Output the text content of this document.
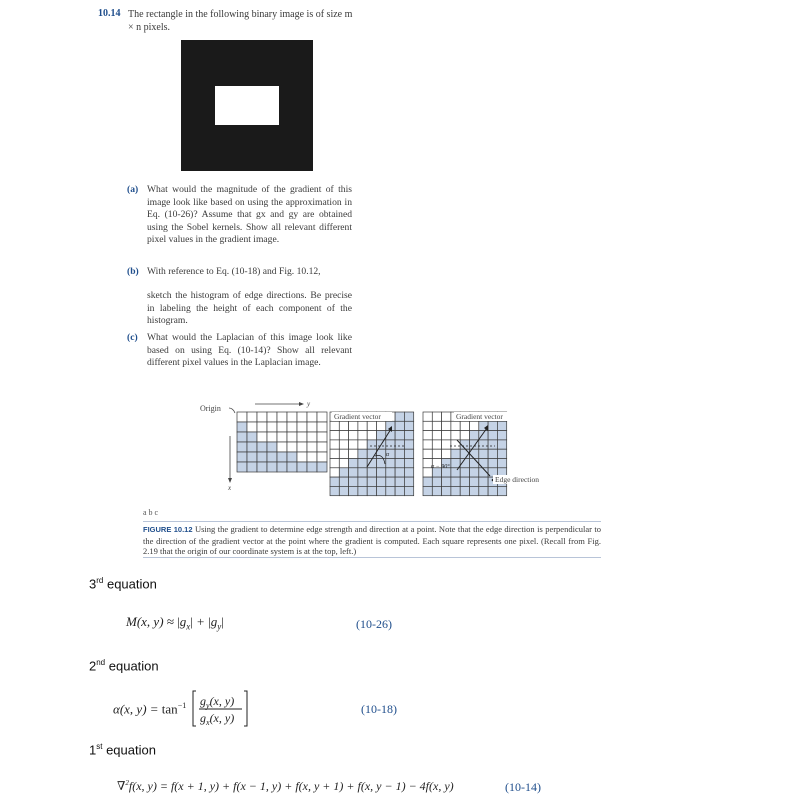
10.14 The rectangle in the following binary image is of size m × n pixels.
(a) What would the magnitude of the gradient of this image look like based on using the approximation in Eq. (10-26)? Assume that gx and gy are obtained using the Sobel kernels. Show all relevant different pixel values in the gradient image.
(b) With reference to Eq. (10-18) and Fig. 10.12,
sketch the histogram of edge directions. Be precise in labeling the height of each component of the histogram.
(c) What would the Laplacian of this image look like based on using Eq. (10-14)? Show all relevant different pixel values in the Laplacian image.
Origin	y
x
Gradient vector
α
Gradient vector
α − 90°
Edge direction
a b c
FIGURE 10.12 Using the gradient to determine edge strength and direction at a point. Note that the edge direction is perpendicular to the direction of the gradient vector at the point where the gradient is computed. Each square represents one pixel. (Recall from Fig. 2.19 that the origin of our coordinate system is at the top, left.)
3rd equation
M(x, $y) \approx |g_x| + |g_y|$	(10-26)
2nd equation
α(x, $y) = \tan^{-1} g_y(x$, y)
$g_x(x$, y)
(10-18)
1st equation
∇$^2$f(x, y) = f(x + 1, y) + f(x − 1, y) + f(x, y + 1) + f(x, y − 1) − 4f(x, y)	(10-14)
